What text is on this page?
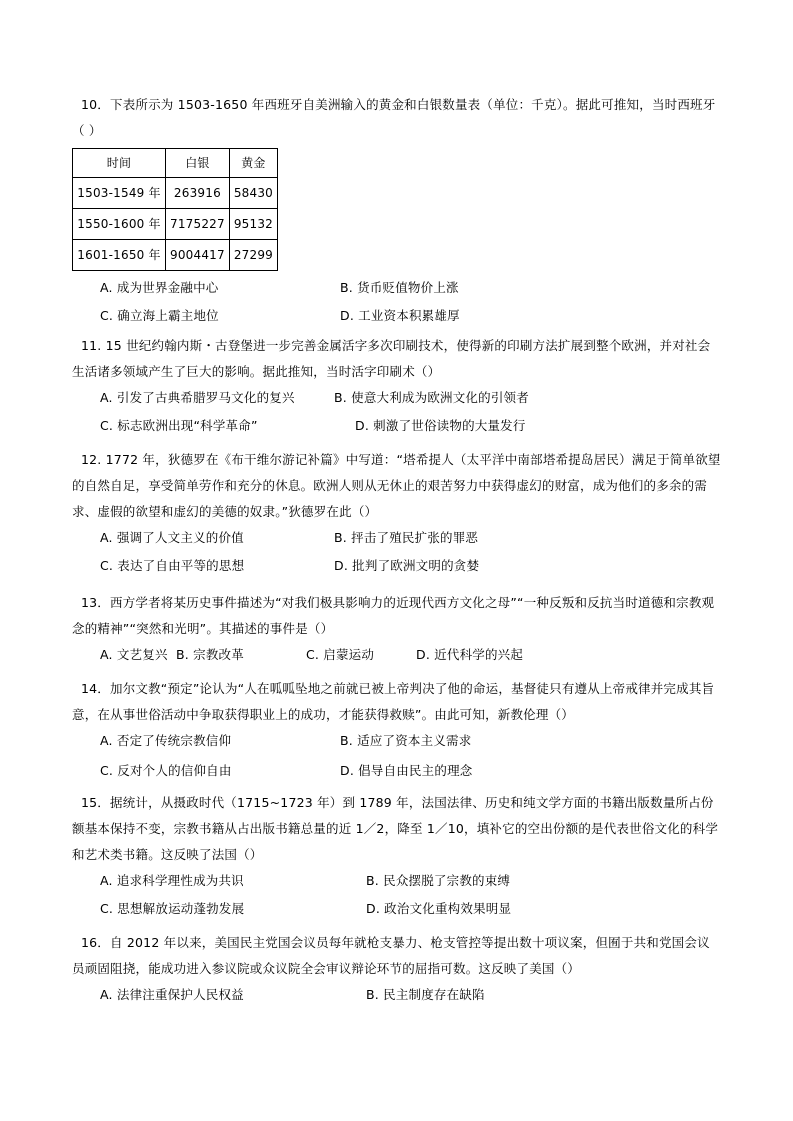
10．下表所示为 1503-1650 年西班牙自美洲输入的黄金和白银数量表（单位：千克）。据此可推知，当时西班牙（ ）
时间	白银	黄金
1503-1549 年	263916	58430
1550-1600 年	7175227	95132
1601-1650 年	9004417	27299
A. 成为世界金融中心	B. 货币贬值物价上涨
C. 确立海上霸主地位	D. 工业资本积累雄厚
11. 15 世纪约翰内斯・古登堡进一步完善金属活字多次印刷技术，使得新的印刷方法扩展到整个欧洲，并对社会生活诸多领域产生了巨大的影响。据此推知，当时活字印刷术（）
A. 引发了古典希腊罗马文化的复兴	B. 使意大利成为欧洲文化的引领者
C. 标志欧洲出现“科学革命”	D. 刺激了世俗读物的大量发行
12. 1772 年，狄德罗在《布干维尔游记补篇》中写道：“塔希提人（太平洋中南部塔希提岛居民）满足于简单欲望的自然自足，享受简单劳作和充分的休息。欧洲人则从无休止的艰苦努力中获得虚幻的财富，成为他们的多余的需求、虚假的欲望和虚幻的美德的奴隶。”狄德罗在此（）
A. 强调了人文主义的价值	B. 抨击了殖民扩张的罪恶
C. 表达了自由平等的思想	D. 批判了欧洲文明的贪婪
13．西方学者将某历史事件描述为“对我们极具影响力的近现代西方文化之母”“一种反叛和反抗当时道德和宗教观念的精神”“突然和光明”。其描述的事件是（）
A. 文艺复兴 B. 宗教改革	C. 启蒙运动	D. 近代科学的兴起
14．加尔文教“预定”论认为“人在呱呱坠地之前就已被上帝判决了他的命运，基督徒只有遵从上帝戒律并完成其旨意，在从事世俗活动中争取获得职业上的成功，才能获得救赎”。由此可知，新教伦理（）
A. 否定了传统宗教信仰	B. 适应了资本主义需求
C. 反对个人的信仰自由	D. 倡导自由民主的理念
15．据统计，从摄政时代（1715~1723 年）到 1789 年，法国法律、历史和纯文学方面的书籍出版数量所占份额基本保持不变，宗教书籍从占出版书籍总量的近 1／2，降至 1／10，填补它的空出份额的是代表世俗文化的科学和艺术类书籍。这反映了法国（）
A. 追求科学理性成为共识	B. 民众摆脱了宗教的束缚
C. 思想解放运动蓬勃发展	D. 政治文化重构效果明显
16．自 2012 年以来，美国民主党国会议员每年就枪支暴力、枪支管控等提出数十项议案，但囿于共和党国会议员顽固阻挠，能成功进入参议院或众议院全会审议辩论环节的屈指可数。这反映了美国（）
A. 法律注重保护人民权益	B. 民主制度存在缺陷
